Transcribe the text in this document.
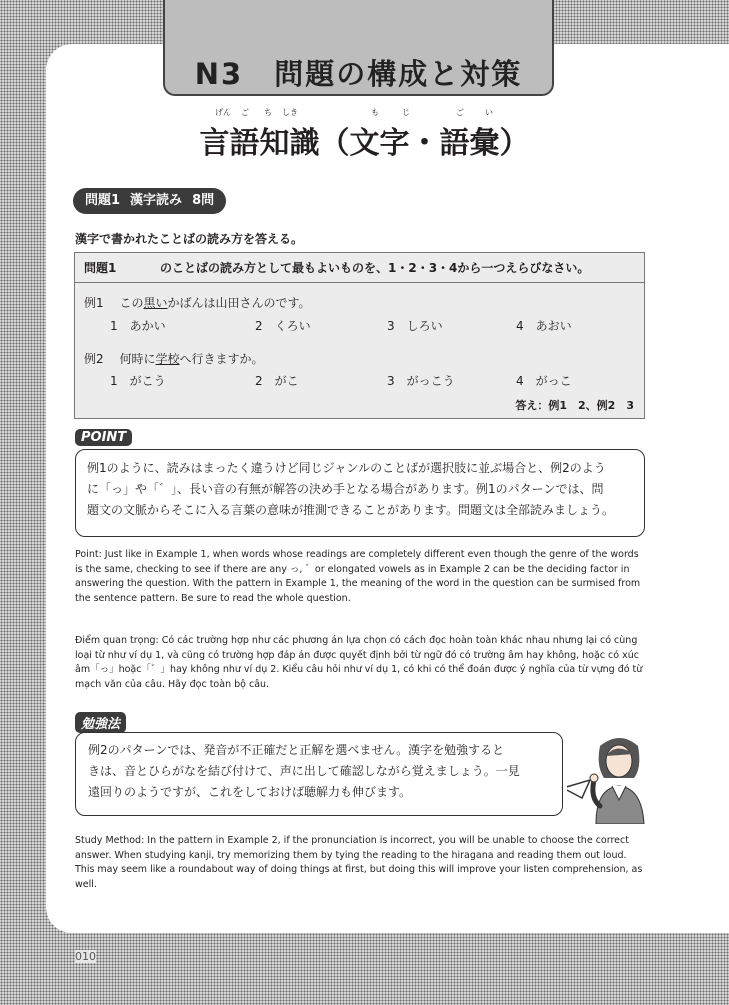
N3　問題の構成と対策
げん ご ち しき	も	じ	ご	い
言語知識（文字・語彙）
問題1 漢字読み 8問
漢字で書かれたことばの読み方を答える。
問題1	のことばの読み方として最もよいものを、1・2・3・4から一つえらびなさい。
例1 この黒いかばんは山田さんのです。
1　 あかい	2　 くろい	3　 しろい	4　 あおい
例2 何時に学校へ行きますか。
1　 がこう	2　 がこ	3　 がっこう	4　 がっこ
答え：例1　2、例2　3
POINT
例1のように、読みはまったく違うけど同じジャンルのことばが選択肢に並ぶ場合と、例2のよう
に「っ」や「゛」、長い音の有無が解答の決め手となる場合があります。例1のパターンでは、問
題文の文脈からそこに入る言葉の意味が推測できることがあります。問題文は全部読みましょう。
Point: Just like in Example 1, when words whose readings are completely different even though the genre of the words is the same, checking to see if there are any っ, ゛or elongated vowels as in Example 2 can be the deciding factor in answering the question. With the pattern in Example 1, the meaning of the word in the question can be surmised from the sentence pattern. Be sure to read the whole question.
Điểm quan trọng: Có các trường hợp như các phương án lựa chọn có cách đọc hoàn toàn khác nhau nhưng lại có cùng loại từ như ví dụ 1, và cũng có trường hợp đáp án được quyết định bởi từ ngữ đó có trường âm hay không, hoặc có xúc âm「っ」hoặc「゛」hay không như ví dụ 2. Kiểu câu hỏi như ví dụ 1, có khi có thể đoán được ý nghĩa của từ vựng đó từ mạch văn của câu. Hãy đọc toàn bộ câu.
勉強法
例2のパターンでは、発音が不正確だと正解を選べません。漢字を勉強すると
きは、音とひらがなを結び付けて、声に出して確認しながら覚えましょう。一見
遠回りのようですが、これをしておけば聴解力も伸びます。
Study Method: In the pattern in Example 2, if the pronunciation is incorrect, you will be unable to choose the correct answer. When studying kanji, try memorizing them by tying the reading to the hiragana and reading them out loud. This may seem like a roundabout way of doing things at first, but doing this will improve your listen comprehension, as well.
010
